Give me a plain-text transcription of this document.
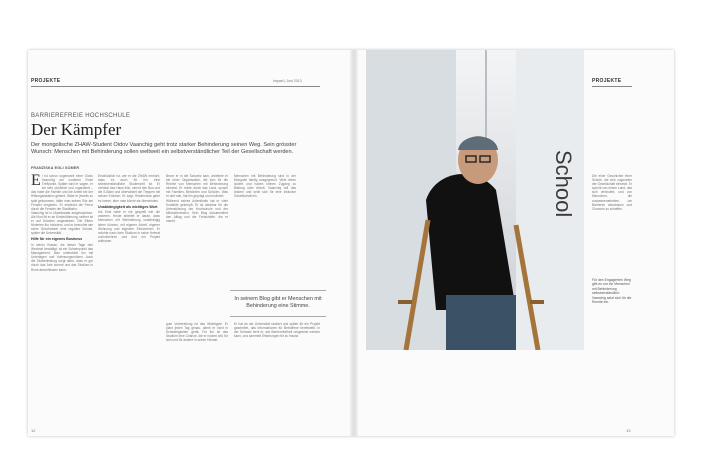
PROJEKTE	Impact | Juni 2013	PROJEKTE
BARRIEREFREIE HOCHSCHULE
Der Kämpfer
Der mongolische ZHAW-Student Oidov Vaanchig geht trotz starker Behinderung seinen Weg. Sein grösster Wunsch: Menschen mit Behinderung sollen weltweit ein selbstverständlicher Teil der Gesellschaft werden.
FRANZISKA EGLI SOMER
E r ist schon sogenannt einer Oidov Vaanchig am vorderen Ende Treffpunkt. Später wird er sagen, er sei sehr pünktlich und organisiert – das habe die Familie und die Arbeit bei der Hilfsorganisation gelernt. Wäre er jeweils zu spät gekommen, hätte man seinen Sitz am Fenster vergeben. Er entdeckt die Ferne durch die Fenster der Stadtbahn.

Vaanchig ist in Ulaanbaatar aufgewachsen. Als Kind litt er an Kinderlähmung, seither ist er auf Krücken angewiesen. Die Eltern förderten ihn trotzdem, und er besuchte wie seine Geschwister eine reguläre Schule, später die Universität.

Hilfe für ein eigenes Business

In seiner Klasse, die dieser Tage den Wechsel bewältigt, ist ein Schwerpunkt das Management. Man unterstützt ihn mit Unterlagen und Vorlesungsnotizen. Auch die Studienleitung sorgt dafür, dass er gut durch das Jahr kommt und das Studium in Ruhe abschliessen kann.

Eindrücklich ist, wie er die ZHAW erreicht, dass es auch für ihn eine selbstverständliche Studienzeit ist. Er verlässt das Haus früh, nimmt den Bus und die S-Bahn und überwindet die Treppen mit seinen Krücken. Er sagt, Hindernisse gebe es immer, aber man könne sie überwinden.

Unabhängigkeit als wichtiges Wort

Als Kind habe er nie gespielt wie die anderen. Heute arbeitet er daran, dass Menschen mit Behinderung unabhängig leben können, mit eigener Arbeit, eigener Wohnung und eigenem Einkommen. Er möchte nach dem Studium in seine Heimat zurückkehren und dort ein Projekt aufbauen.

Bevor er in die Schweiz kam, arbeitete er bei einer Organisation, die sich für die Rechte von Menschen mit Behinderung einsetzt. Er reiste durch das Land, sprach mit Familien, Behörden und Schulen. Was er dort sah, hat ihn geprägt und motiviert.

Während seines Aufenthalts hat er viele Kontakte geknüpft. Er ist dankbar für die Unterstützung der Hochschule und der Mitstudierenden. Sein Blog dokumentiert den Alltag und die Fortschritte, die er macht.

Menschen mit Behinderung sind in der Mongolei häufig ausgegrenzt. Viele leben isoliert und haben keinen Zugang zu Bildung oder Arbeit. Vaanchig will das ändern und setzt sich für eine inklusive Gesellschaft ein.

In seinem Blog gibt er Menschen mit Behinderung eine Stimme.

gute Vorbereitung ist das Wichtigste. Er plant jeden Tag genau, damit er nicht in Schwierigkeiten gerät. Für ihn ist das Studium eine Chance, die er nutzen will, für sich und für andere in seiner Heimat.

Er hat an der Universität studiert und später für ein Projekt gearbeitet, das Informationen für Betroffene bereitstellt. In der Schweiz lernt er, wie Barrierefreiheit umgesetzt werden kann, und sammelt Erfahrungen für zu Hause.

School	Die einer Geschichte einer Schule, die sich zugunsten der Gesellschaft einsetzt. Er spricht von einem Land, das sich verändert, und von Menschen, die zusammenarbeiten, um Barrieren abzubauen und Chancen zu schaffen.

Für den Engagierten Weg gibt es nur ein Menschen mit Behinderung selbstverständlich: Vaanchig setzt sich für die Rechte ein.
12	13
